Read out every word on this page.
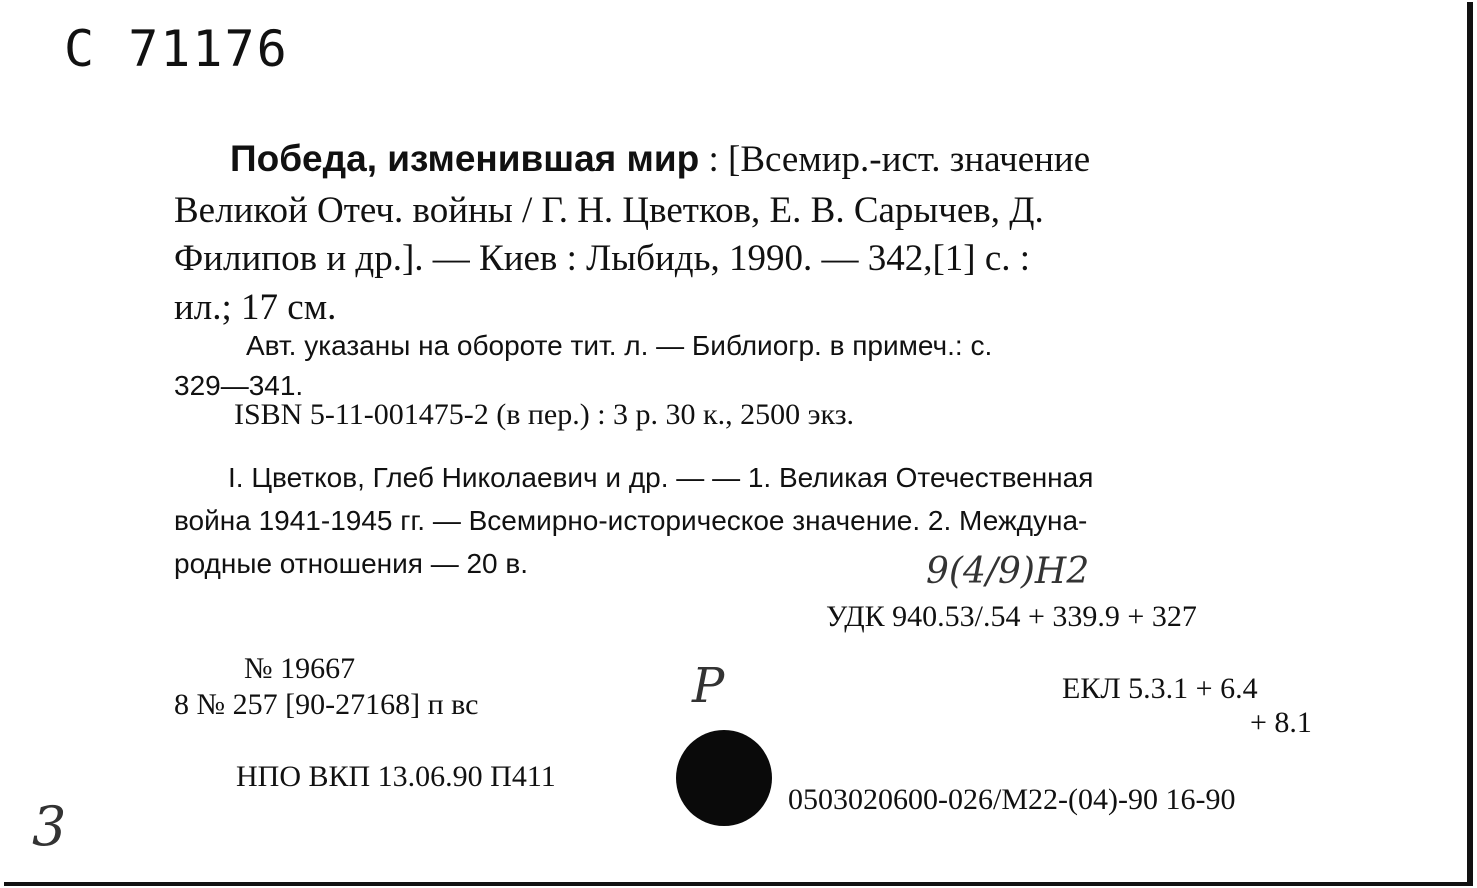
С 71176
Победа, изменившая мир : [Всемир.-ист. значение
Великой Отеч. войны / Г. Н. Цветков, Е. В. Сарычев, Д.
Филипов и др.]. — Киев : Лыбидь, 1990. — 342,[1] с. :
ил.; 17 см.
Авт. указаны на обороте тит. л. — Библиогр. в примеч.: с.
329—341.
ISBN 5-11-001475-2 (в пер.) : 3 р. 30 к., 2500 экз.
I. Цветков, Глеб Николаевич и др. — — 1. Великая Отечественная
война 1941-1945 гг. — Всемирно-историческое значение. 2. Междуна-
родные отношения — 20 в.	9(4/9)Н2
УДК 940.53/.54 + 339.9 + 327
№ 19667
8 № 257 [90-27168] п вс	Р	ЕКЛ 5.3.1 + 6.4
+ 8.1
НПО ВКП 13.06.90 П411
0503020600-026/М22-(04)-90 16-90
3
